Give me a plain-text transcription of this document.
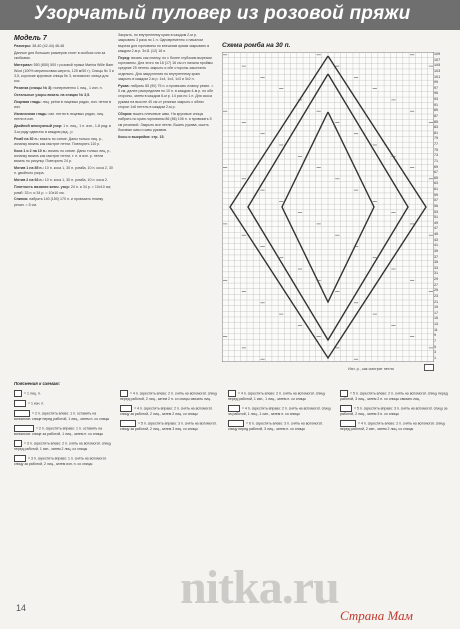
Узорчатый пуловер из розовой пряжи
Модель 7

Размеры: 38-40 (42-44) 46-48

Данные для больших размеров стоят в скобках или за скобками.

Материал: 550 (650) 500 г розовой пряжи Marina Wille Baer Wool (100% мериносовая шерсть, 125 м/50 г). Спицы № 3 и 3,5, короткие круговые спицы № 3, вспомогат. спица для кос.

Резинка (спицы № 3): попеременно 1 лиц., 1 изн. п.

Остальные узоры вязать на спицах № 3,5.

Лицевая гладь: лиц. petли в лицевых рядах, изн. петли в изн.

Изнаночная гладь: изн. петли в лицевых рядах, лиц. петли в изн.

Двойной жемчужный узор: 1 п. лиц., 1 п. изн., 1-й ряд: в 3-м ряду сдвигать в каждом ряд., р.

Ромб на 30 п.: вязать по схеме. Даны только лиц. р., изнанку вязать как смотрят петли. Повторять 110 р.

Коса 1 и 2 на 10 п.: вязать по схеме. Даны только лиц. р., изнанку вязать как смотрят петли, т. е. в изн. р. петли вязать по рисунку. Повторить 24 р.

Мотив 1 на 85 п.: 10 п. коса 1, 30 п. ромба, 10 п. коса 2, 30 п. двойного узора.

Мотив 2 на 66 п.: 10 п. коса 1, 30 п. ромба, 10 п. коса 2.

Плотность вязания жемч. узор: 24 п. и 34 р. = 10x10 см; ромб: 33 п. и 34 р. = 10x10 см.

Спинка: набрать 140 (150) 170 п. и провязать планку резин. = 5 см.

Закрыть, по внутреннему краю в каждом 2-м р. закрывать 3 раза по 1 п. Одновременно с началом выреза для горловины по внешним краям закрывать в каждом 2-м р. 3x11 (12) 16 п.

Перед: вязать как спинку, но с более глубоким вырезом горловины. Для этого на 18 (17) 16 см от начала проймы средние 25 петель закрыть и обе стороны закончить отдельно. Для закругления по внутреннему краю закрыть в каждом 2-м р. 1x4, 1x4, 1x3 и 3x2 п.

Рукав: набрать 85 (90) 75 п. и провязать планку резин. = 5 см, далее распределив по 10 п. в каждом 4-м р. по обе стороны, затем в каждом 6-м р. 14 раз по 1 п. Для скоса рукава на высоте 40 см от резинки закрыть с обеих сторон 1x6 петель в каждом 2-м р.

Сборка: вшить плечевые швы. На круговые спицы набрать по краю горловины 86 (86) 106 п. и провязать 5 см резинкой. Закрыть все петли. Вшить рукава, сшить боковые швы и швы рукавов.

Косы и выкройки: стр. 15.

Схема ромба на 30 п.
109
107
105
103
101
99
97
95
93
91
89
87
85
83
81
79
77
75
73
71
69
67
65
63
61
59
57
55
53
51
49
47
45
43
41
39
37
35
33
31
29
27
25
23
21
19
17
15
13
11
9
7
5
3
1
Изн. р., как смотрят петли
Пояснения к схемам:

= 1 лиц. п.

= 1 изн. п.

= 2 п. скрестить влево: 1 п. оставить на вспомогат. спице перед работой, 1 лиц., затем п. со спицы

= 2 п. скрестить вправо: 1 п. оставить на вспомогат. спице за работой, 1 лиц., затем п. со спицы

= 3 п. скрестить влево: 2 п. снять на вспомогат. спицу перед работой, 1 изн., затем 2 лиц. со спицы

= 3 п. скрестить вправо: 1 п. снять на вспомогат. спицу за работой, 2 лиц., затем изн. п. со спицы

= 4 п. скрестить влево: 2 п. снять на вспомогат. спицу перед работой, 2 лиц., затем 2 п. со спицы связать лиц.

= 4 п. скрестить вправо: 2 п. снять на вспомогат. спицу за работой, 2 лиц., затем 2 лиц. со спицы

= 5 п. скрестить вправо: 3 п. снять на вспомогат. спицу за работой, 2 лиц., затем 3 лиц. со спицы

= 4 п. скрестить влево: 2 п. снять на вспомогат. спицу перед работой, 1 изн., 1 лиц., затем п. со спицы

= 4 п. скрестить вправо: 2 п. снять на вспомогат. спицу за работой, 1 лиц., 1 изн., затем п. со спицы

= 6 п. скрестить влево: 3 п. снять на вспомогат. спицу перед работой, 3 лиц., затем п. со спицы

= 5 п. скрестить влево: 2 п. снять на вспомогат. спицу перед работой, 3 лиц., затем 2 п. со спицы связать лиц.

= 5 п. скрестить вправо: 3 п. снять на вспомогат. спицу за работой, 2 лиц., затем 3 п. со спицы

= 4 п. скрестить влево: 2 п. снять на вспомогат. спицу перед работой, 2 изн., затем 2 лиц. со спицы

nitka.ru
14	Страна Мам
